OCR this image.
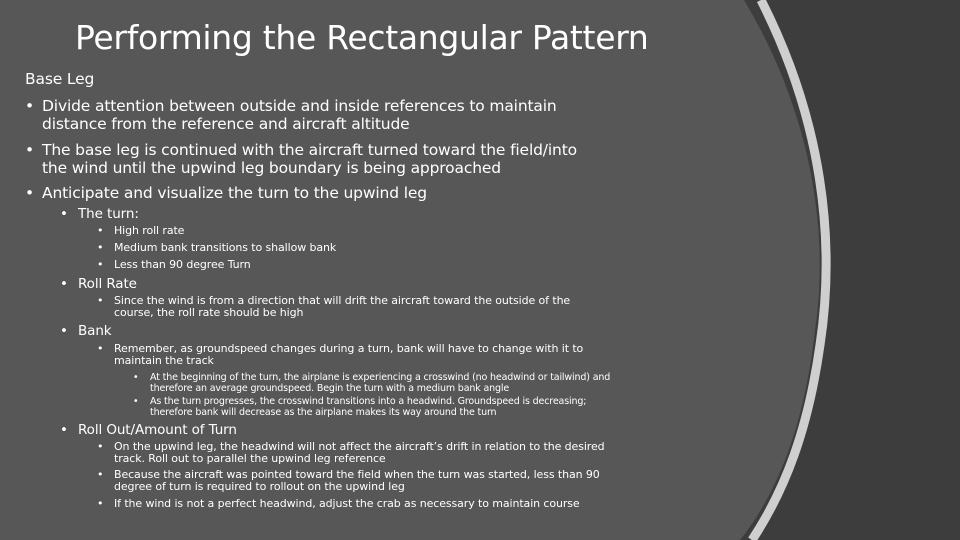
Performing the Rectangular Pattern
Base Leg
• Divide attention between outside and inside references to maintain
distance from the reference and aircraft altitude
• The base leg is continued with the aircraft turned toward the field/into
the wind until the upwind leg boundary is being approached
• Anticipate and visualize the turn to the upwind leg
• The turn:
• High roll rate
• Medium bank transitions to shallow bank
• Less than 90 degree Turn
• Roll Rate
• Since the wind is from a direction that will drift the aircraft toward the outside of the
course, the roll rate should be high
• Bank
• Remember, as groundspeed changes during a turn, bank will have to change with it to
maintain the track
• At the beginning of the turn, the airplane is experiencing a crosswind (no headwind or tailwind) and
therefore an average groundspeed. Begin the turn with a medium bank angle
• As the turn progresses, the crosswind transitions into a headwind. Groundspeed is decreasing;
therefore bank will decrease as the airplane makes its way around the turn
• Roll Out/Amount of Turn
• On the upwind leg, the headwind will not affect the aircraft’s drift in relation to the desired
track. Roll out to parallel the upwind leg reference
• Because the aircraft was pointed toward the field when the turn was started, less than 90
degree of turn is required to rollout on the upwind leg
• If the wind is not a perfect headwind, adjust the crab as necessary to maintain course
